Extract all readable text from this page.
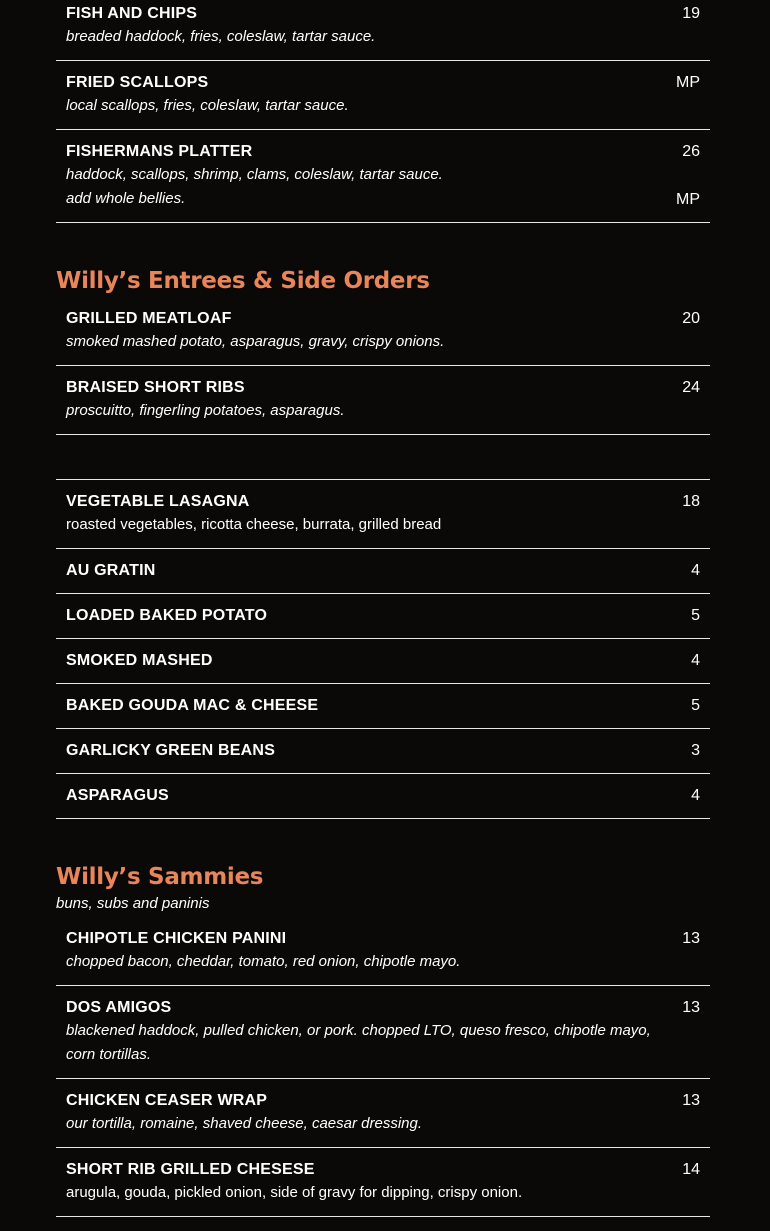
FISH AND CHIPS	19
breaded haddock, fries, coleslaw, tartar sauce.
FRIED SCALLOPS	MP
local scallops, fries, coleslaw, tartar sauce.
FISHERMANS PLATTER	26
haddock, scallops, shrimp, clams, coleslaw, tartar sauce.
add whole bellies.	MP
Willy’s Entrees & Side Orders
GRILLED MEATLOAF	20
smoked mashed potato, asparagus, gravy, crispy onions.
BRAISED SHORT RIBS	24
proscuitto, fingerling potatoes, asparagus.
VEGETABLE LASAGNA	18
roasted vegetables, ricotta cheese, burrata, grilled bread
AU GRATIN	4
LOADED BAKED POTATO	5
SMOKED MASHED	4
BAKED GOUDA MAC & CHEESE	5
GARLICKY GREEN BEANS	3
ASPARAGUS	4
Willy’s Sammies
buns, subs and paninis
CHIPOTLE CHICKEN PANINI	13
chopped bacon, cheddar, tomato, red onion, chipotle mayo.
DOS AMIGOS	13
blackened haddock, pulled chicken, or pork. chopped LTO, queso fresco, chipotle mayo, corn tortillas.
CHICKEN CEASER WRAP	13
our tortilla, romaine, shaved cheese, caesar dressing.
SHORT RIB GRILLED CHESESE	14
arugula, gouda, pickled onion, side of gravy for dipping, crispy onion.
